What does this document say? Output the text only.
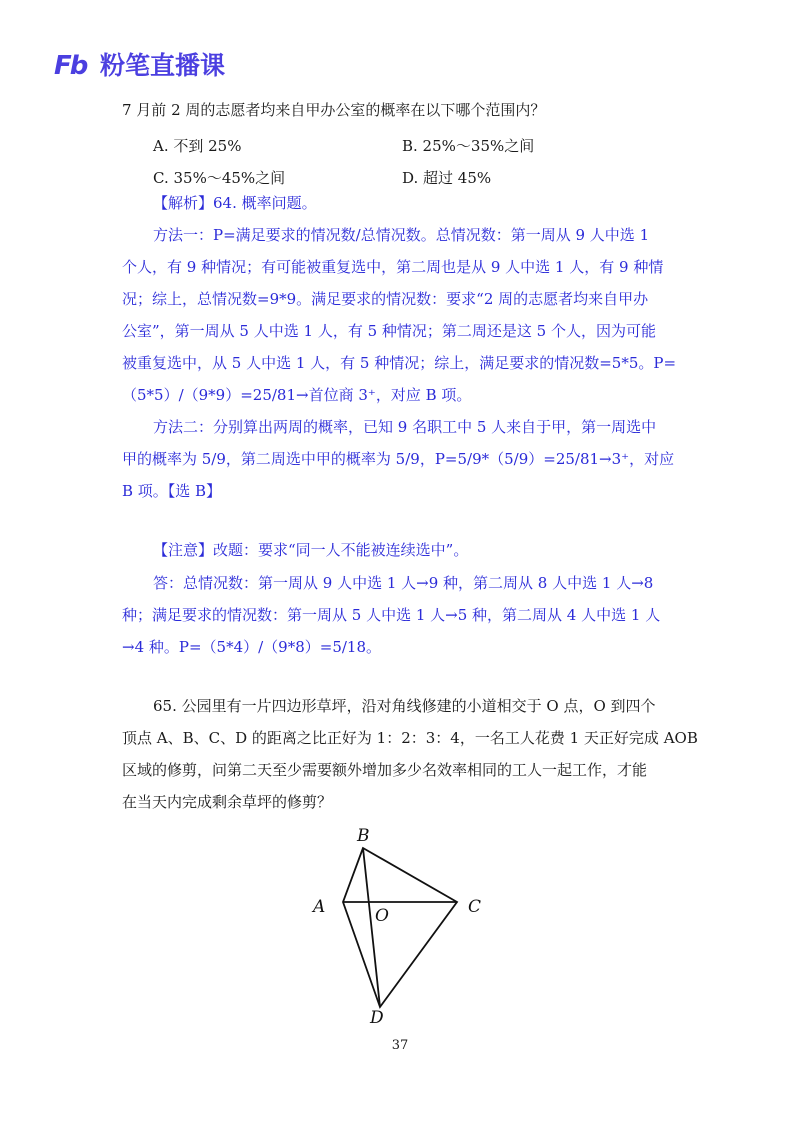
Fb 粉笔直播课
7 月前 2 周的志愿者均来自甲办公室的概率在以下哪个范围内？
A. 不到 25%	B. 25%～35%之间
C. 35%～45%之间	D. 超过 45%
【解析】64. 概率问题。
方法一：P=满足要求的情况数/总情况数。总情况数：第一周从 9 人中选 1
个人，有 9 种情况；有可能被重复选中，第二周也是从 9 人中选 1 人，有 9 种情
况；综上，总情况数=9*9。满足要求的情况数：要求“2 周的志愿者均来自甲办
公室”，第一周从 5 人中选 1 人，有 5 种情况；第二周还是这 5 个人，因为可能
被重复选中，从 5 人中选 1 人，有 5 种情况；综上，满足要求的情况数=5*5。P=
（5*5）/（9*9）=25/81→首位商 3⁺，对应 B 项。
方法二：分别算出两周的概率，已知 9 名职工中 5 人来自于甲，第一周选中
甲的概率为 5/9，第二周选中甲的概率为 5/9，P=5/9*（5/9）=25/81→3⁺，对应
B 项。【选 B】
【注意】改题：要求“同一人不能被连续选中”。
答：总情况数：第一周从 9 人中选 1 人→9 种，第二周从 8 人中选 1 人→8
种；满足要求的情况数：第一周从 5 人中选 1 人→5 种，第二周从 4 人中选 1 人
→4 种。P=（5*4）/（9*8）=5/18。
65. 公园里有一片四边形草坪，沿对角线修建的小道相交于 O 点，O 到四个
顶点 A、B、C、D 的距离之比正好为 1：2：3：4，一名工人花费 1 天正好完成 AOB
区域的修剪，问第二天至少需要额外增加多少名效率相同的工人一起工作，才能
在当天内完成剩余草坪的修剪？
B
A	C
O
D
37
